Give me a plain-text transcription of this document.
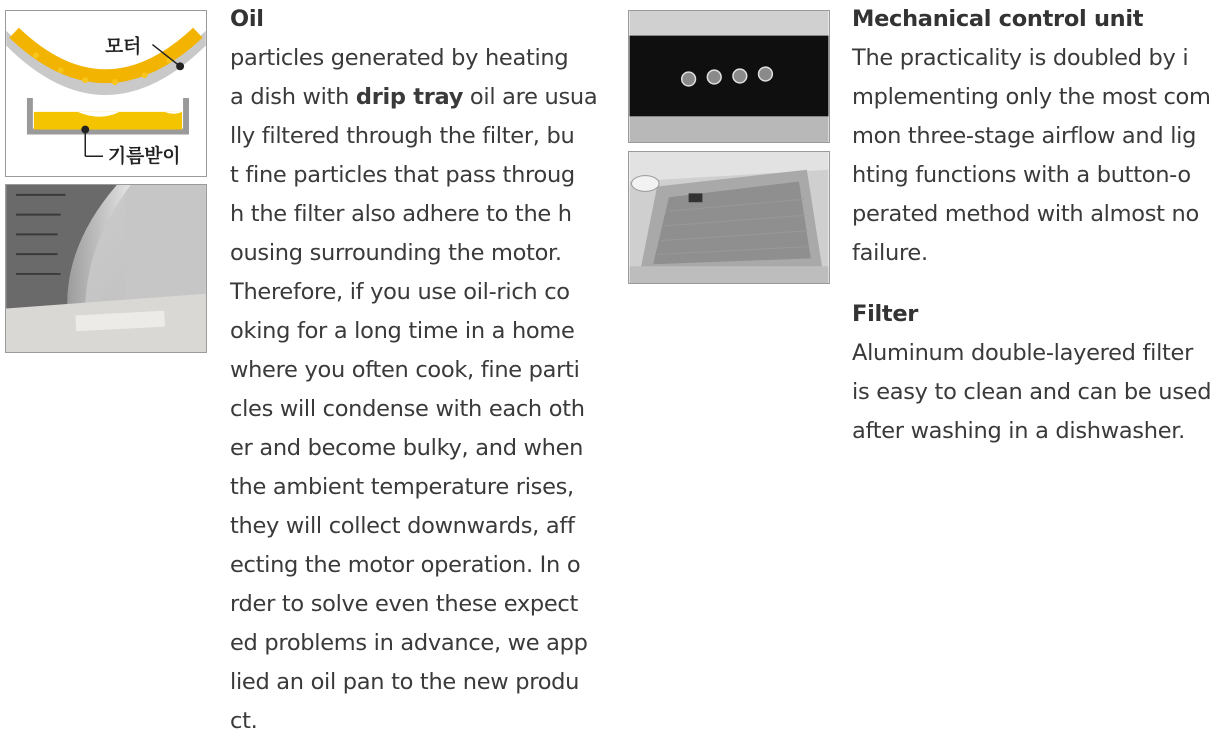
모터
기름받이
Oil

particles generated by heating
a dish with drip tray oil are usua
lly filtered through the filter, bu
t fine particles that pass throug
h the filter also adhere to the h
ousing surrounding the motor.
Therefore, if you use oil-rich co
oking for a long time in a home
where you often cook, fine parti
cles will condense with each oth
er and become bulky, and when
the ambient temperature rises,
they will collect downwards, aff
ecting the motor operation. In o
rder to solve even these expect
ed problems in advance, we app
lied an oil pan to the new produ
ct.

Mechanical control unit
The practicality is doubled by i
mplementing only the most com
mon three-stage airflow and lig
hting functions with a button-o
perated method with almost no
failure.
Filter
Aluminum double-layered filter
is easy to clean and can be used
after washing in a dishwasher.
